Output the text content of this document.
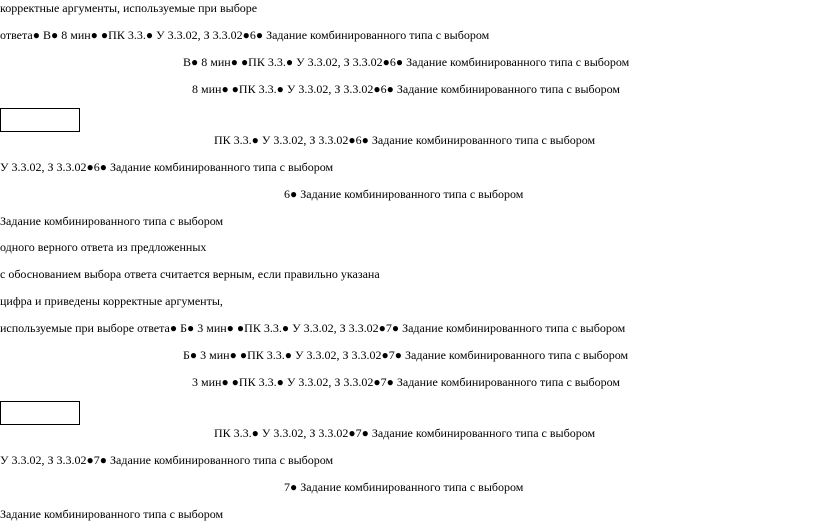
корректные аргументы, используемые при выборе
ответа● В● 8 мин● ●ПК 3.3.● У 3.3.02, З 3.3.02●6● Задание комбинированного типа с выбором
В● 8 мин● ●ПК 3.3.● У 3.3.02, З 3.3.02●6● Задание комбинированного типа с выбором
8 мин● ●ПК 3.3.● У 3.3.02, З 3.3.02●6● Задание комбинированного типа с выбором
ПК 3.3.● У 3.3.02, З 3.3.02●6● Задание комбинированного типа с выбором
У 3.3.02, З 3.3.02●6● Задание комбинированного типа с выбором
6● Задание комбинированного типа с выбором
Задание комбинированного типа с выбором
одного верного ответа из предложенных
с обоснованием выбора ответа считается верным, если правильно указана
цифра и приведены корректные аргументы,
используемые при выборе ответа● Б● 3 мин● ●ПК 3.3.● У 3.3.02, З 3.3.02●7● Задание комбинированного типа с выбором
Б● 3 мин● ●ПК 3.3.● У 3.3.02, З 3.3.02●7● Задание комбинированного типа с выбором
3 мин● ●ПК 3.3.● У 3.3.02, З 3.3.02●7● Задание комбинированного типа с выбором
ПК 3.3.● У 3.3.02, З 3.3.02●7● Задание комбинированного типа с выбором
У 3.3.02, З 3.3.02●7● Задание комбинированного типа с выбором
7● Задание комбинированного типа с выбором
Задание комбинированного типа с выбором
